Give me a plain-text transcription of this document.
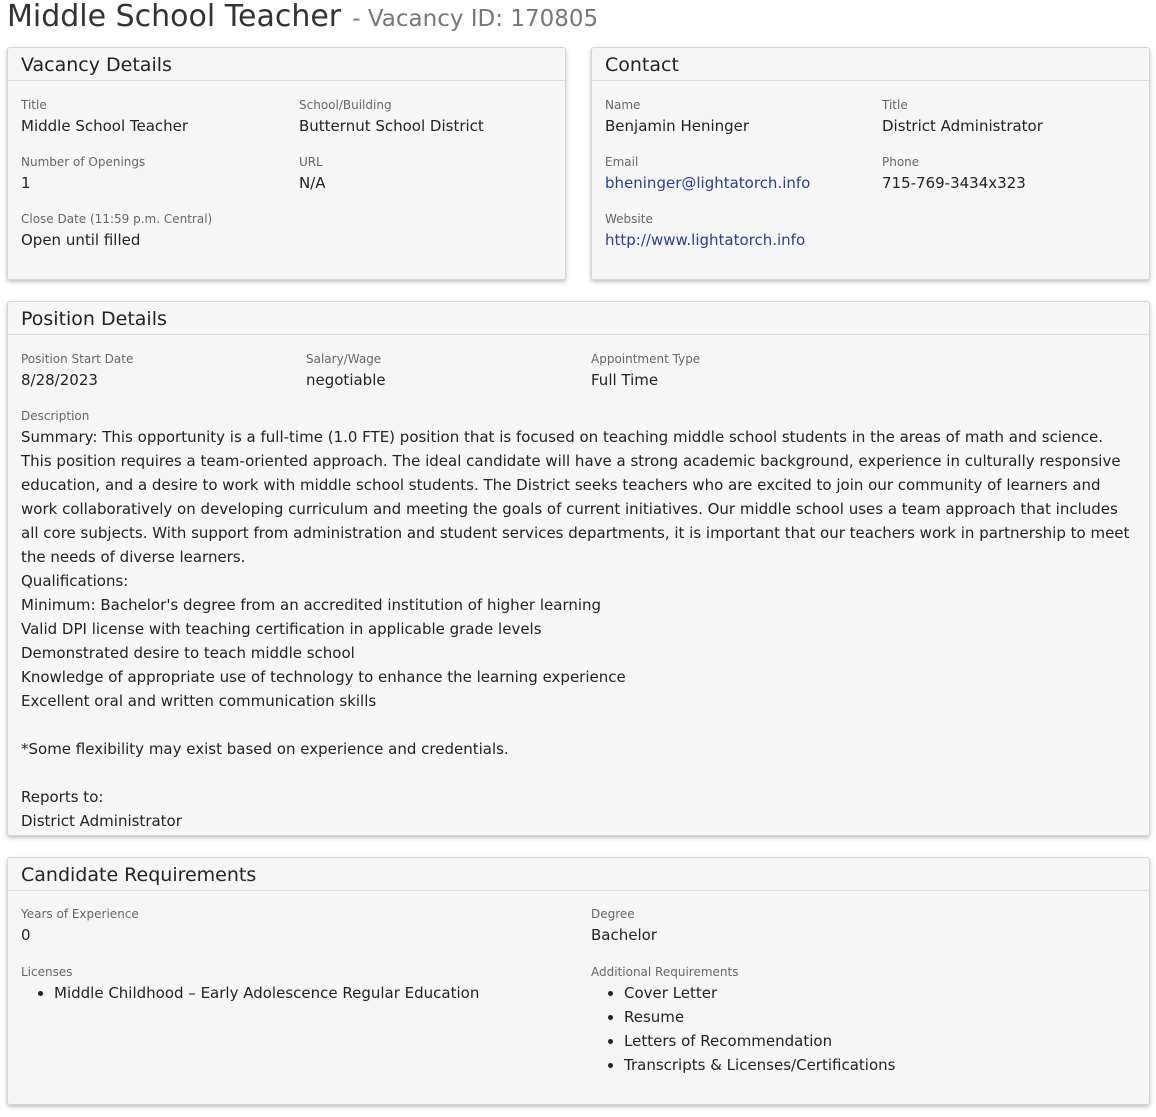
Middle School Teacher - Vacancy ID: 170805
Vacancy Details
Title
Middle School Teacher
School/Building
Butternut School District
Number of Openings
1
URL
N/A
Close Date (11:59 p.m. Central)
Open until filled
Contact
Name
Benjamin Heninger
Title
District Administrator
Email
bheninger@lightatorch.info
Phone
715-769-3434x323
Website
http://www.lightatorch.info
Position Details
Position Start Date
8/28/2023
Salary/Wage
negotiable
Appointment Type
Full Time
Description
Summary: This opportunity is a full-time (1.0 FTE) position that is focused on teaching middle school students in the areas of math and science. This position requires a team-oriented approach. The ideal candidate will have a strong academic background, experience in culturally responsive education, and a desire to work with middle school students. The District seeks teachers who are excited to join our community of learners and work collaboratively on developing curriculum and meeting the goals of current initiatives. Our middle school uses a team approach that includes all core subjects. With support from administration and student services departments, it is important that our teachers work in partnership to meet the needs of diverse learners.
Qualifications:
Minimum: Bachelor's degree from an accredited institution of higher learning
Valid DPI license with teaching certification in applicable grade levels
Demonstrated desire to teach middle school
Knowledge of appropriate use of technology to enhance the learning experience
Excellent oral and written communication skills

*Some flexibility may exist based on experience and credentials.

Reports to:
District Administrator
Candidate Requirements
Years of Experience
0
Degree
Bachelor
Licenses
• Middle Childhood – Early Adolescence Regular Education
Additional Requirements
• Cover Letter
• Resume
• Letters of Recommendation
• Transcripts & Licenses/Certifications
